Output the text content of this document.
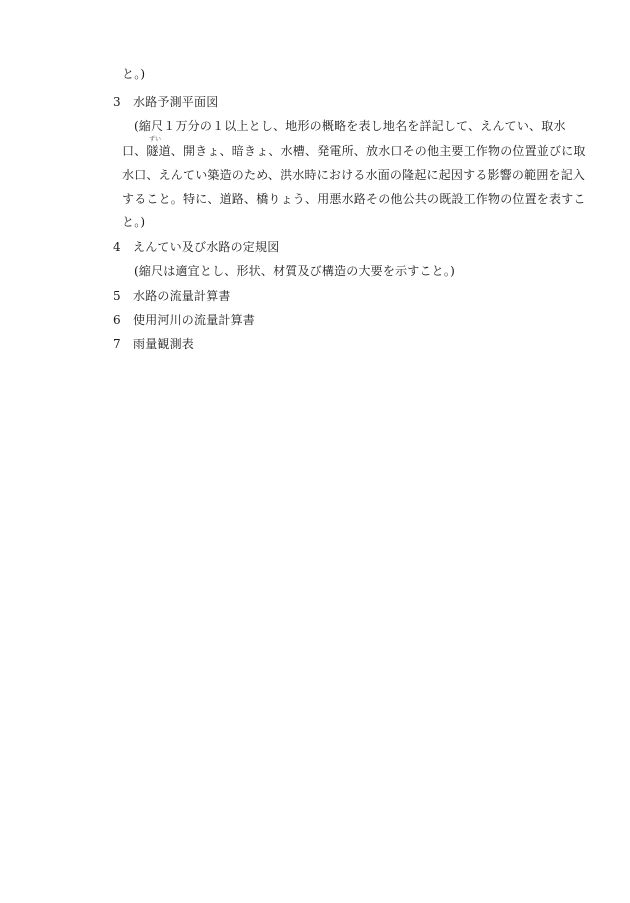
と。)
3 水路予測平面図
(縮尺１万分の１以上とし、地形の概略を表し地名を詳記して、えんてい、取水
ずい
口、隧道、開きょ、暗きょ、水槽、発電所、放水口その他主要工作物の位置並びに取
水口、えんてい築造のため、洪水時における水面の隆起に起因する影響の範囲を記入
すること。特に、道路、橋りょう、用悪水路その他公共の既設工作物の位置を表すこ
と。)
4 えんてい及び水路の定規図
(縮尺は適宜とし、形状、材質及び構造の大要を示すこと。)
5 水路の流量計算書
6 使用河川の流量計算書
7 雨量観測表
